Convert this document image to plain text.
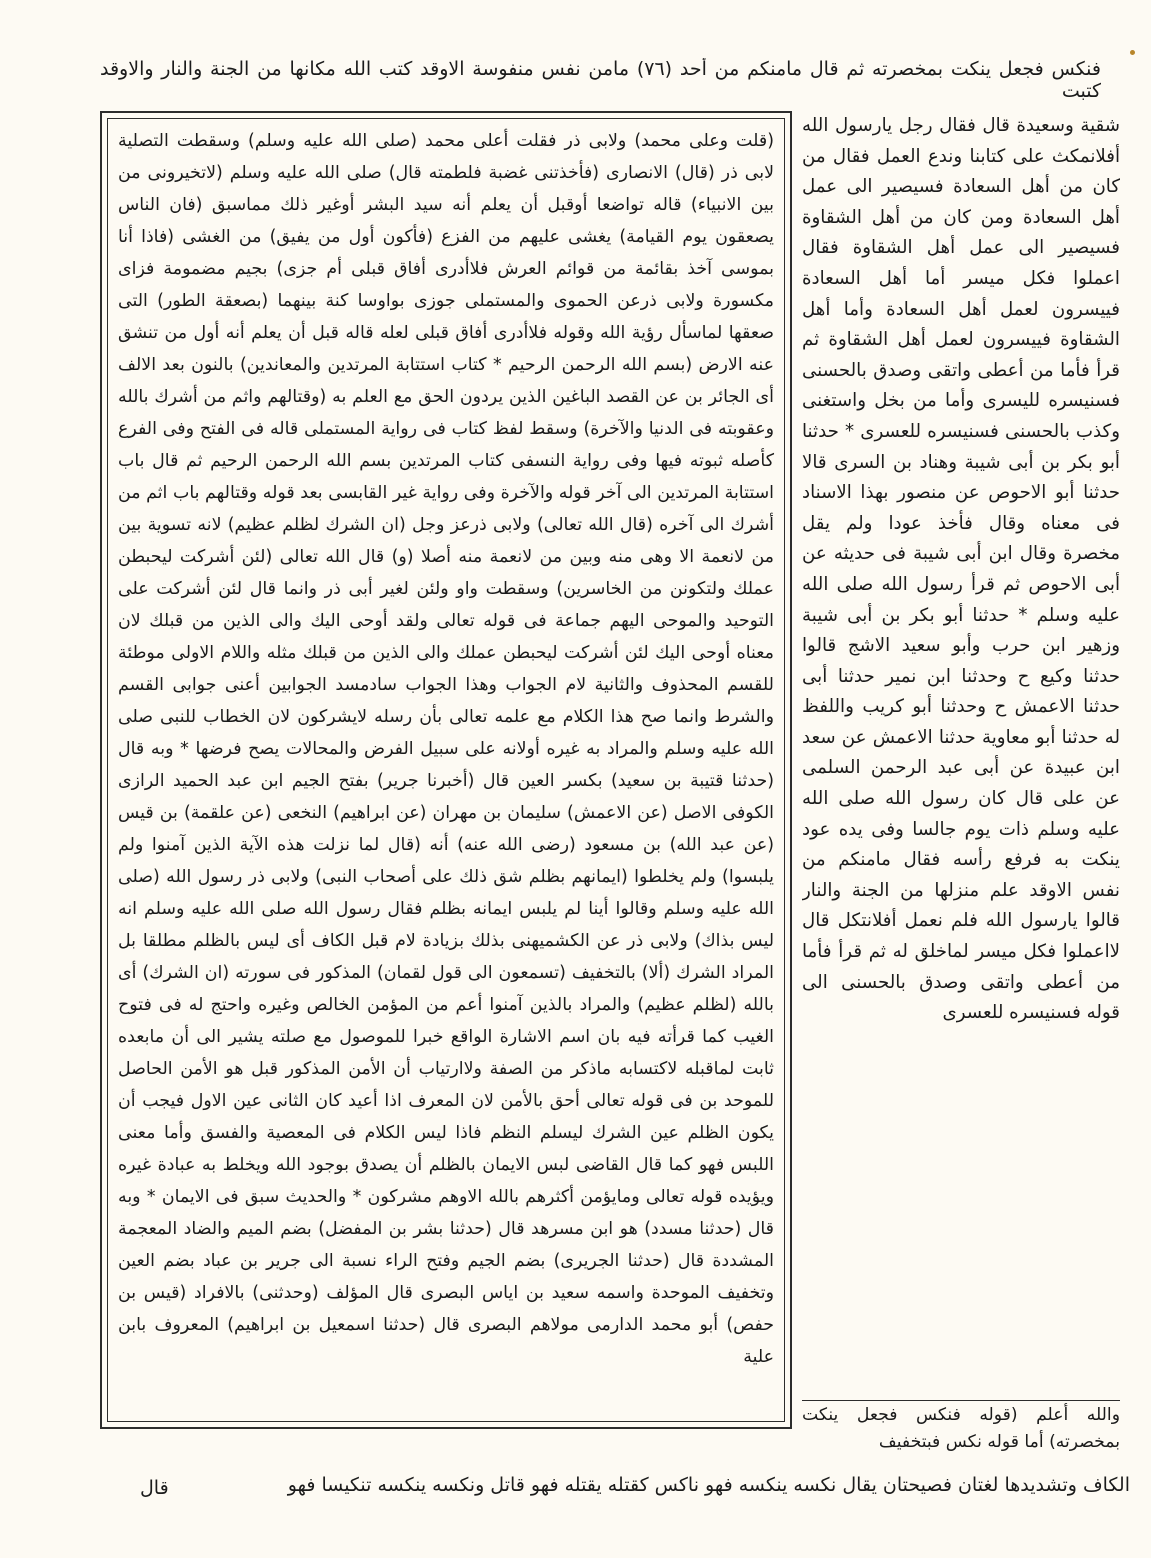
فنكس فجعل ينكت بمخصرته ثم قال مامنكم من أحد (٧٦) مامن نفس منفوسة الاوقد كتب الله مكانها من الجنة والنار والاوقد كتبت

(قلت وعلى محمد) ولابى ذر فقلت أعلى محمد (صلى الله عليه وسلم) وسقطت التصلية لابى ذر (قال) الانصارى (فأخذتنى غضبة فلطمته قال) صلى الله عليه وسلم (لاتخيرونى من بين الانبياء) قاله تواضعا أوقبل أن يعلم أنه سيد البشر أوغير ذلك مماسبق (فان الناس يصعقون يوم القيامة) يغشى عليهم من الفزع (فأكون أول من يفيق) من الغشى (فاذا أنا بموسى آخذ بقائمة من قوائم العرش فلاأدرى أفاق قبلى أم جزى) بجيم مضمومة فزاى مكسورة ولابى ذرعن الحموى والمستملى جوزى بواوسا كنة بينهما (بصعقة الطور) التى صعقها لماسأل رؤية الله وقوله فلاأدرى أفاق قبلى لعله قاله قبل أن يعلم أنه أول من تنشق عنه الارض (بسم الله الرحمن الرحيم * كتاب استتابة المرتدين والمعاندين) بالنون بعد الالف أى الجائر بن عن القصد الباغين الذين يردون الحق مع العلم به (وقتالهم واثم من أشرك بالله وعقوبته فى الدنيا والآخرة) وسقط لفظ كتاب فى رواية المستملى قاله فى الفتح وفى الفرع كأصله ثبوته فيها وفى رواية النسفى كتاب المرتدين بسم الله الرحمن الرحيم ثم قال باب استتابة المرتدين الى آخر قوله والآخرة وفى رواية غير القابسى بعد قوله وقتالهم باب اثم من أشرك الى آخره (قال الله تعالى) ولابى ذرعز وجل (ان الشرك لظلم عظيم) لانه تسوية بين من لانعمة الا وهى منه وبين من لانعمة منه أصلا (و) قال الله تعالى (لئن أشركت ليحبطن عملك ولتكونن من الخاسرين) وسقطت واو ولئن لغير أبى ذر وانما قال لئن أشركت على التوحيد والموحى اليهم جماعة فى قوله تعالى ولقد أوحى اليك والى الذين من قبلك لان معناه أوحى اليك لئن أشركت ليحبطن عملك والى الذين من قبلك مثله واللام الاولى موطئة للقسم المحذوف والثانية لام الجواب وهذا الجواب سادمسد الجوابين أعنى جوابى القسم والشرط وانما صح هذا الكلام مع علمه تعالى بأن رسله لايشركون لان الخطاب للنبى صلى الله عليه وسلم والمراد به غيره أولانه على سبيل الفرض والمحالات يصح فرضها * وبه قال (حدثنا قتيبة بن سعيد) بكسر العين قال (أخبرنا جرير) بفتح الجيم ابن عبد الحميد الرازى الكوفى الاصل (عن الاعمش) سليمان بن مهران (عن ابراهيم) النخعى (عن علقمة) بن قيس (عن عبد الله) بن مسعود (رضى الله عنه) أنه (قال لما نزلت هذه الآية الذين آمنوا ولم يلبسوا) ولم يخلطوا (ايمانهم بظلم شق ذلك على أصحاب النبى) ولابى ذر رسول الله (صلى الله عليه وسلم وقالوا أينا لم يلبس ايمانه بظلم فقال رسول الله صلى الله عليه وسلم انه ليس بذاك) ولابى ذر عن الكشميهنى بذلك بزيادة لام قبل الكاف أى ليس بالظلم مطلقا بل المراد الشرك (ألا) بالتخفيف (تسمعون الى قول لقمان) المذكور فى سورته (ان الشرك) أى بالله (لظلم عظيم) والمراد بالذين آمنوا أعم من المؤمن الخالص وغيره واحتج له فى فتوح الغيب كما قرأته فيه بان اسم الاشارة الواقع خبرا للموصول مع صلته يشير الى أن مابعده ثابت لماقبله لاكتسابه ماذكر من الصفة ولاارتياب أن الأمن المذكور قبل هو الأمن الحاصل للموحد بن فى قوله تعالى أحق بالأمن لان المعرف اذا أعيد كان الثانى عين الاول فيجب أن يكون الظلم عين الشرك ليسلم النظم فاذا ليس الكلام فى المعصية والفسق وأما معنى اللبس فهو كما قال القاضى لبس الايمان بالظلم أن يصدق بوجود الله ويخلط به عبادة غيره ويؤيده قوله تعالى ومايؤمن أكثرهم بالله الاوهم مشركون * والحديث سبق فى الايمان * وبه قال (حدثنا مسدد) هو ابن مسرهد قال (حدثنا بشر بن المفضل) بضم الميم والضاد المعجمة المشددة قال (حدثنا الجريرى) بضم الجيم وفتح الراء نسبة الى جرير بن عباد بضم العين وتخفيف الموحدة واسمه سعيد بن اياس البصرى قال المؤلف (وحدثنى) بالافراد (قيس بن حفص) أبو محمد الدارمى مولاهم البصرى قال (حدثنا اسمعيل بن ابراهيم) المعروف بابن علية

شقية وسعيدة قال فقال رجل يارسول الله أفلانمكث على كتابنا وندع العمل فقال من كان من أهل السعادة فسيصير الى عمل أهل السعادة ومن كان من أهل الشقاوة فسيصير الى عمل أهل الشقاوة فقال اعملوا فكل ميسر أما أهل السعادة فييسرون لعمل أهل السعادة وأما أهل الشقاوة فييسرون لعمل أهل الشقاوة ثم قرأ فأما من أعطى واتقى وصدق بالحسنى فسنيسره لليسرى وأما من بخل واستغنى وكذب بالحسنى فسنيسره للعسرى * حدثنا أبو بكر بن أبى شيبة وهناد بن السرى قالا حدثنا أبو الاحوص عن منصور بهذا الاسناد فى معناه وقال فأخذ عودا ولم يقل مخصرة وقال ابن أبى شيبة فى حديثه عن أبى الاحوص ثم قرأ رسول الله صلى الله عليه وسلم * حدثنا أبو بكر بن أبى شيبة وزهير ابن حرب وأبو سعيد الاشج قالوا حدثنا وكيع ح وحدثنا ابن نمير حدثنا أبى حدثنا الاعمش ح وحدثنا أبو كريب واللفظ له حدثنا أبو معاوية حدثنا الاعمش عن سعد ابن عبيدة عن أبى عبد الرحمن السلمى عن على قال كان رسول الله صلى الله عليه وسلم ذات يوم جالسا وفى يده عود ينكت به فرفع رأسه فقال مامنكم من نفس الاوقد علم منزلها من الجنة والنار قالوا يارسول الله فلم نعمل أفلانتكل قال لااعملوا فكل ميسر لماخلق له ثم قرأ فأما من أعطى واتقى وصدق بالحسنى الى قوله فسنيسره للعسرى

والله أعلم (قوله فنكس فجعل ينكت بمخصرته) أما قوله نكس فبتخفيف

الكاف وتشديدها لغتان فصيحتان يقال نكسه ينكسه فهو ناكس كقتله يقتله فهو قاتل ونكسه ينكسه تنكيسا فهو
قال
